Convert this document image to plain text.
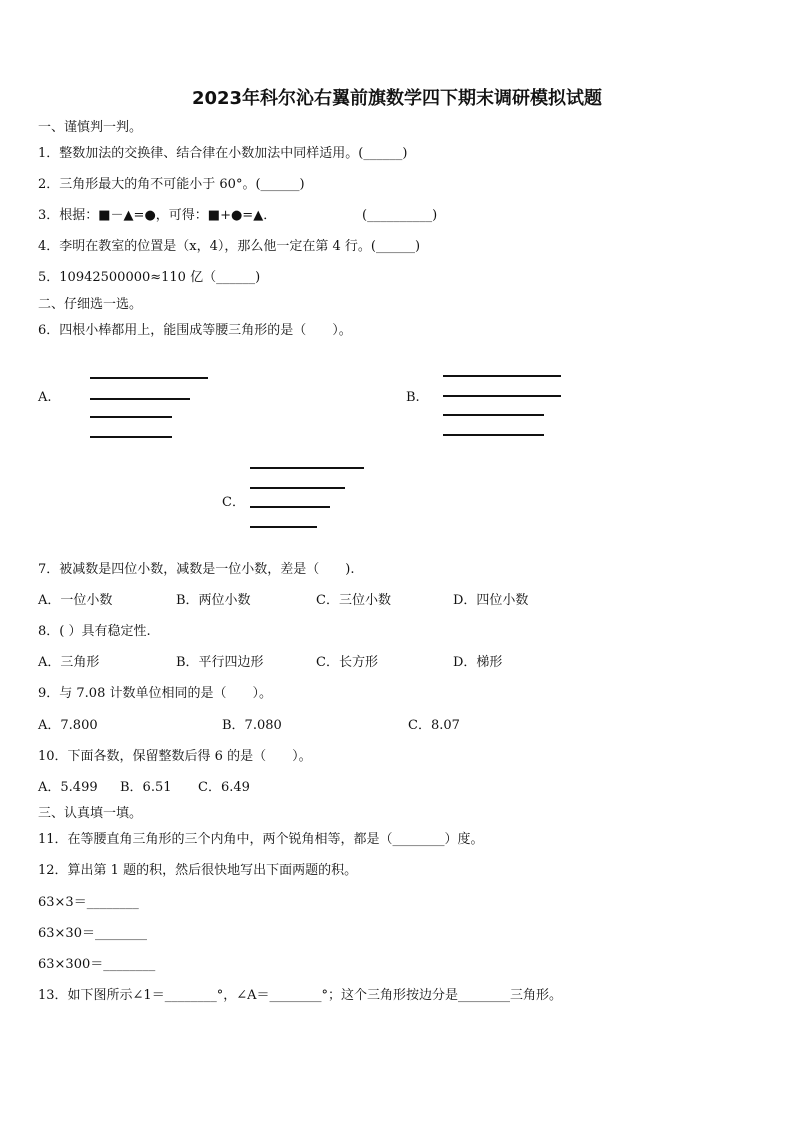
2023年科尔沁右翼前旗数学四下期末调研模拟试题
一、谨慎判一判。
1．整数加法的交换律、结合律在小数加法中同样适用。(______)
2．三角形最大的角不可能小于 60°。(______)
3．根据：■－▲=●，可得：■+●=▲．	(__________)
4．李明在教室的位置是（x，4），那么他一定在第 4 行。(______)
5．10942500000≈110 亿（______)
二、仔细选一选。
6．四根小棒都用上，能围成等腰三角形的是（　　）。
A.	B.
C．
7．被减数是四位小数，减数是一位小数，差是（　　).
A．一位小数	B．两位小数	C．三位小数	D．四位小数
8．( ）具有稳定性.
A．三角形	B．平行四边形	C．长方形	D．梯形
9．与 7.08 计数单位相同的是（　　）。
A．7.800	B．7.080	C．8.07
10．下面各数，保留整数后得 6 的是（　　）。
A．5.499 B．6.51 C．6.49
三、认真填一填。
11．在等腰直角三角形的三个内角中，两个锐角相等，都是（________）度。
12．算出第 1 题的积，然后很快地写出下面两题的积。
63×3＝________
63×30＝________
63×300＝________
13．如下图所示∠1＝________°，∠A＝________°；这个三角形按边分是________三角形。
